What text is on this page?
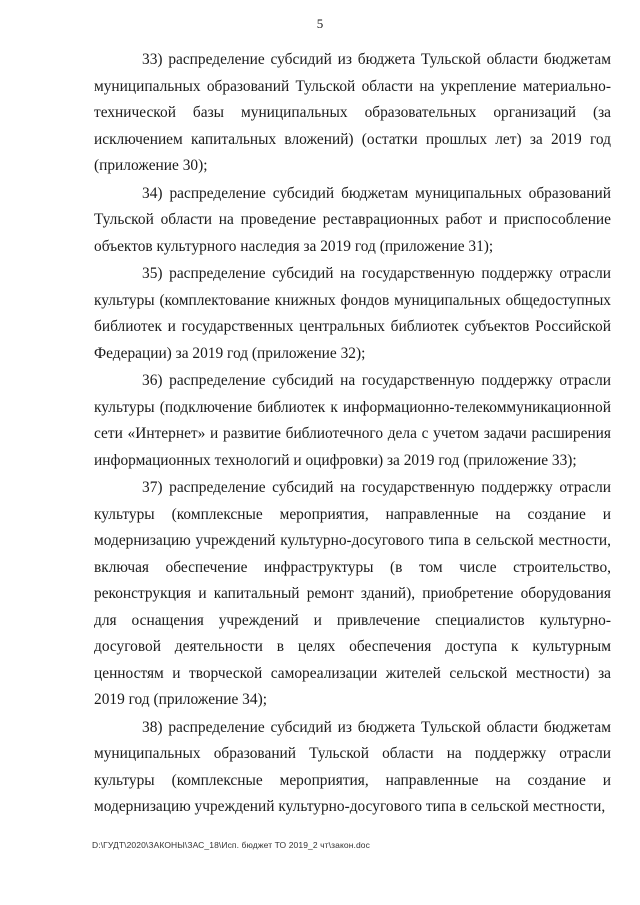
5

33) распределение субсидий из бюджета Тульской области бюджетам муниципальных образований Тульской области на укрепление материально-технической базы муниципальных образовательных организаций (за исключением капитальных вложений) (остатки прошлых лет) за 2019 год (приложение 30);

34) распределение субсидий бюджетам муниципальных образований Тульской области на проведение реставрационных работ и приспособление объектов культурного наследия за 2019 год (приложение 31);

35) распределение субсидий на государственную поддержку отрасли культуры (комплектование книжных фондов муниципальных общедоступных библиотек и государственных центральных библиотек субъектов Российской Федерации) за 2019 год (приложение 32);

36) распределение субсидий на государственную поддержку отрасли культуры (подключение библиотек к информационно-телекоммуникационной сети «Интернет» и развитие библиотечного дела с учетом задачи расширения информационных технологий и оцифровки) за 2019 год (приложение 33);

37) распределение субсидий на государственную поддержку отрасли культуры (комплексные мероприятия, направленные на создание и модернизацию учреждений культурно-досугового типа в сельской местности, включая обеспечение инфраструктуры (в том числе строительство, реконструкция и капитальный ремонт зданий), приобретение оборудования для оснащения учреждений и привлечение специалистов культурно-досуговой деятельности в целях обеспечения доступа к культурным ценностям и творческой самореализации жителей сельской местности) за 2019 год (приложение 34);

38) распределение субсидий из бюджета Тульской области бюджетам муниципальных образований Тульской области на поддержку отрасли культуры (комплексные мероприятия, направленные на создание и модернизацию учреждений культурно-досугового типа в сельской местности,

D:\ГУДТ\2020\ЗАКОНЫ\ЗАС_18\Исп. бюджет ТО 2019_2 чт\закон.doc
